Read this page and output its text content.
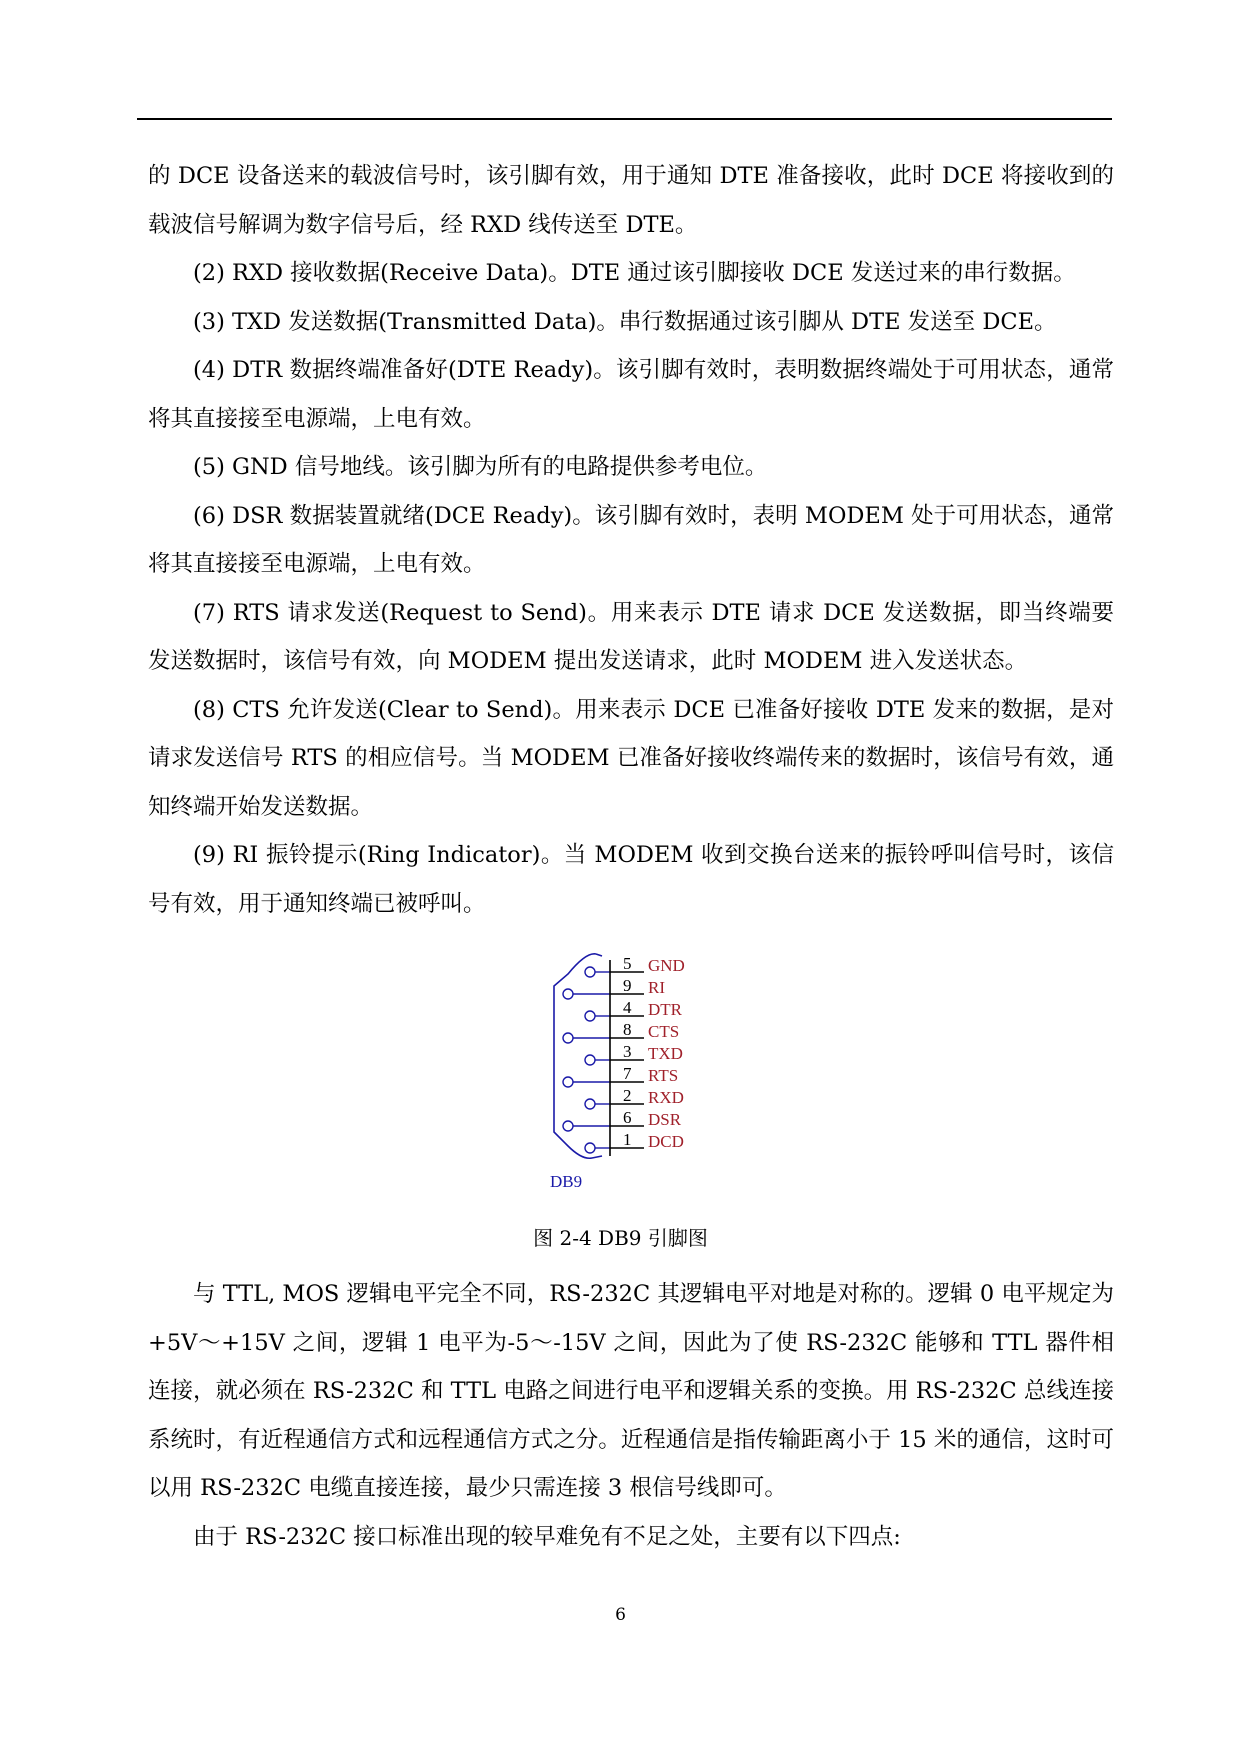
的 DCE 设备送来的载波信号时，该引脚有效，用于通知 DTE 准备接收，此时 DCE 将接收到的载波信号解调为数字信号后，经 RXD 线传送至 DTE。

(2) RXD 接收数据(Receive Data)。DTE 通过该引脚接收 DCE 发送过来的串行数据。

(3) TXD 发送数据(Transmitted Data)。串行数据通过该引脚从 DTE 发送至 DCE。

(4) DTR 数据终端准备好(DTE Ready)。该引脚有效时，表明数据终端处于可用状态，通常将其直接接至电源端，上电有效。

(5) GND 信号地线。该引脚为所有的电路提供参考电位。

(6) DSR 数据装置就绪(DCE Ready)。该引脚有效时，表明 MODEM 处于可用状态，通常将其直接接至电源端，上电有效。

(7) RTS 请求发送(Request to Send)。用来表示 DTE 请求 DCE 发送数据，即当终端要发送数据时，该信号有效，向 MODEM 提出发送请求，此时 MODEM 进入发送状态。

(8) CTS 允许发送(Clear to Send)。用来表示 DCE 已准备好接收 DTE 发来的数据，是对请求发送信号 RTS 的相应信号。当 MODEM 已准备好接收终端传来的数据时，该信号有效，通知终端开始发送数据。

(9) RI 振铃提示(Ring Indicator)。当 MODEM 收到交换台送来的振铃呼叫信号时，该信号有效，用于通知终端已被呼叫。

5 GND
9 RI
4 DTR
8 CTS
3 TXD
7 RTS
2 RXD
6 DSR
1 DCD
DB9
图 2-4 DB9 引脚图

与 TTL, MOS 逻辑电平完全不同，RS-232C 其逻辑电平对地是对称的。逻辑 0 电平规定为+5V～+15V 之间，逻辑 1 电平为-5～-15V 之间，因此为了使 RS-232C 能够和 TTL 器件相连接，就必须在 RS-232C 和 TTL 电路之间进行电平和逻辑关系的变换。用 RS-232C 总线连接系统时，有近程通信方式和远程通信方式之分。近程通信是指传输距离小于 15 米的通信，这时可以用 RS-232C 电缆直接连接，最少只需连接 3 根信号线即可。

由于 RS-232C 接口标准出现的较早难免有不足之处，主要有以下四点:

6
